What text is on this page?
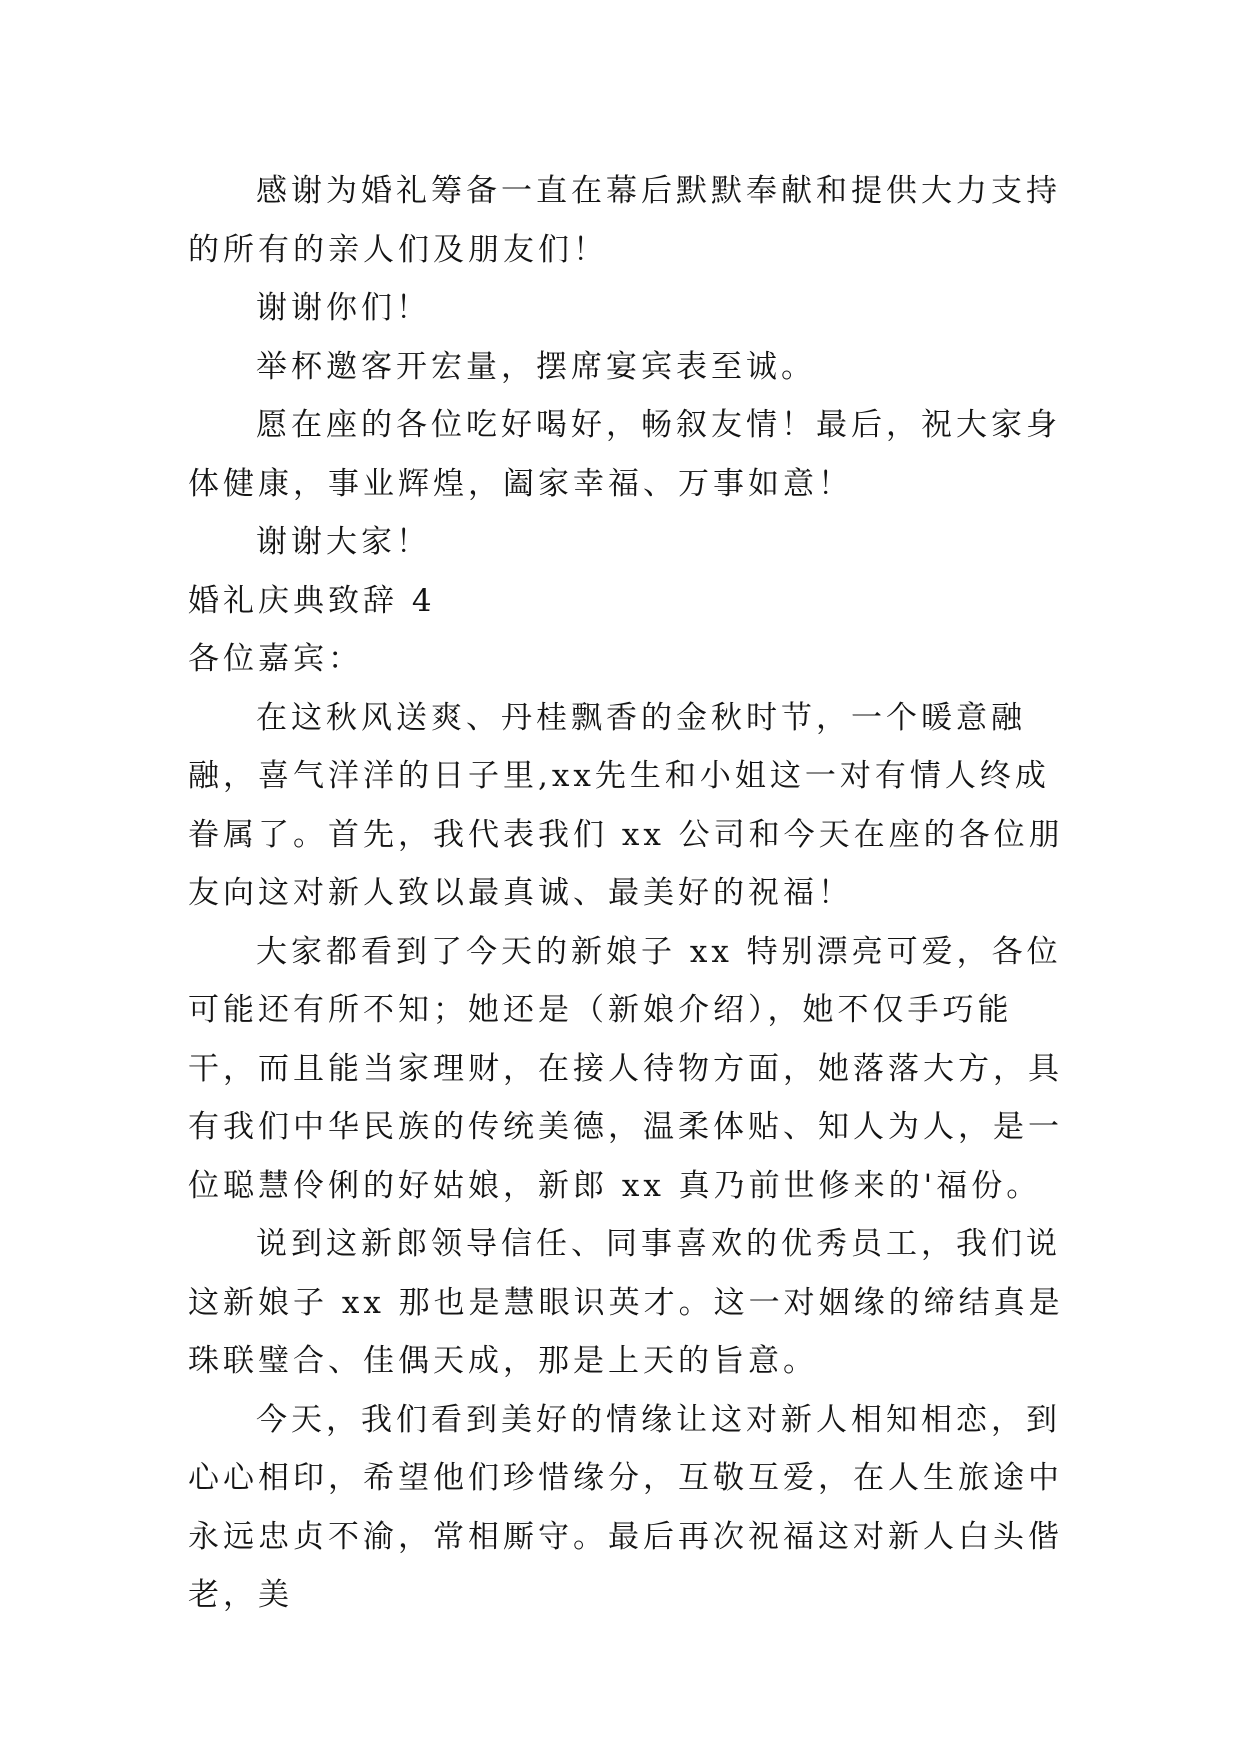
感谢为婚礼筹备一直在幕后默默奉献和提供大力支持的所有的亲人们及朋友们！

谢谢你们！

举杯邀客开宏量，摆席宴宾表至诚。

愿在座的各位吃好喝好，畅叙友情！最后，祝大家身体健康，事业辉煌，阖家幸福、万事如意！

谢谢大家！

婚礼庆典致辞 4

各位嘉宾：

在这秋风送爽、丹桂飘香的金秋时节，一个暖意融融，喜气洋洋的日子里,xx先生和小姐这一对有情人终成眷属了。首先，我代表我们 xx 公司和今天在座的各位朋友向这对新人致以最真诚、最美好的祝福！

大家都看到了今天的新娘子 xx 特别漂亮可爱，各位可能还有所不知；她还是（新娘介绍），她不仅手巧能干，而且能当家理财，在接人待物方面，她落落大方，具有我们中华民族的传统美德，温柔体贴、知人为人，是一位聪慧伶俐的好姑娘，新郎 xx 真乃前世修来的'福份。

说到这新郎领导信任、同事喜欢的优秀员工，我们说这新娘子 xx 那也是慧眼识英才。这一对姻缘的缔结真是珠联璧合、佳偶天成，那是上天的旨意。

今天，我们看到美好的情缘让这对新人相知相恋，到心心相印，希望他们珍惜缘分，互敬互爱，在人生旅途中永远忠贞不渝，常相厮守。最后再次祝福这对新人白头偕老，美
